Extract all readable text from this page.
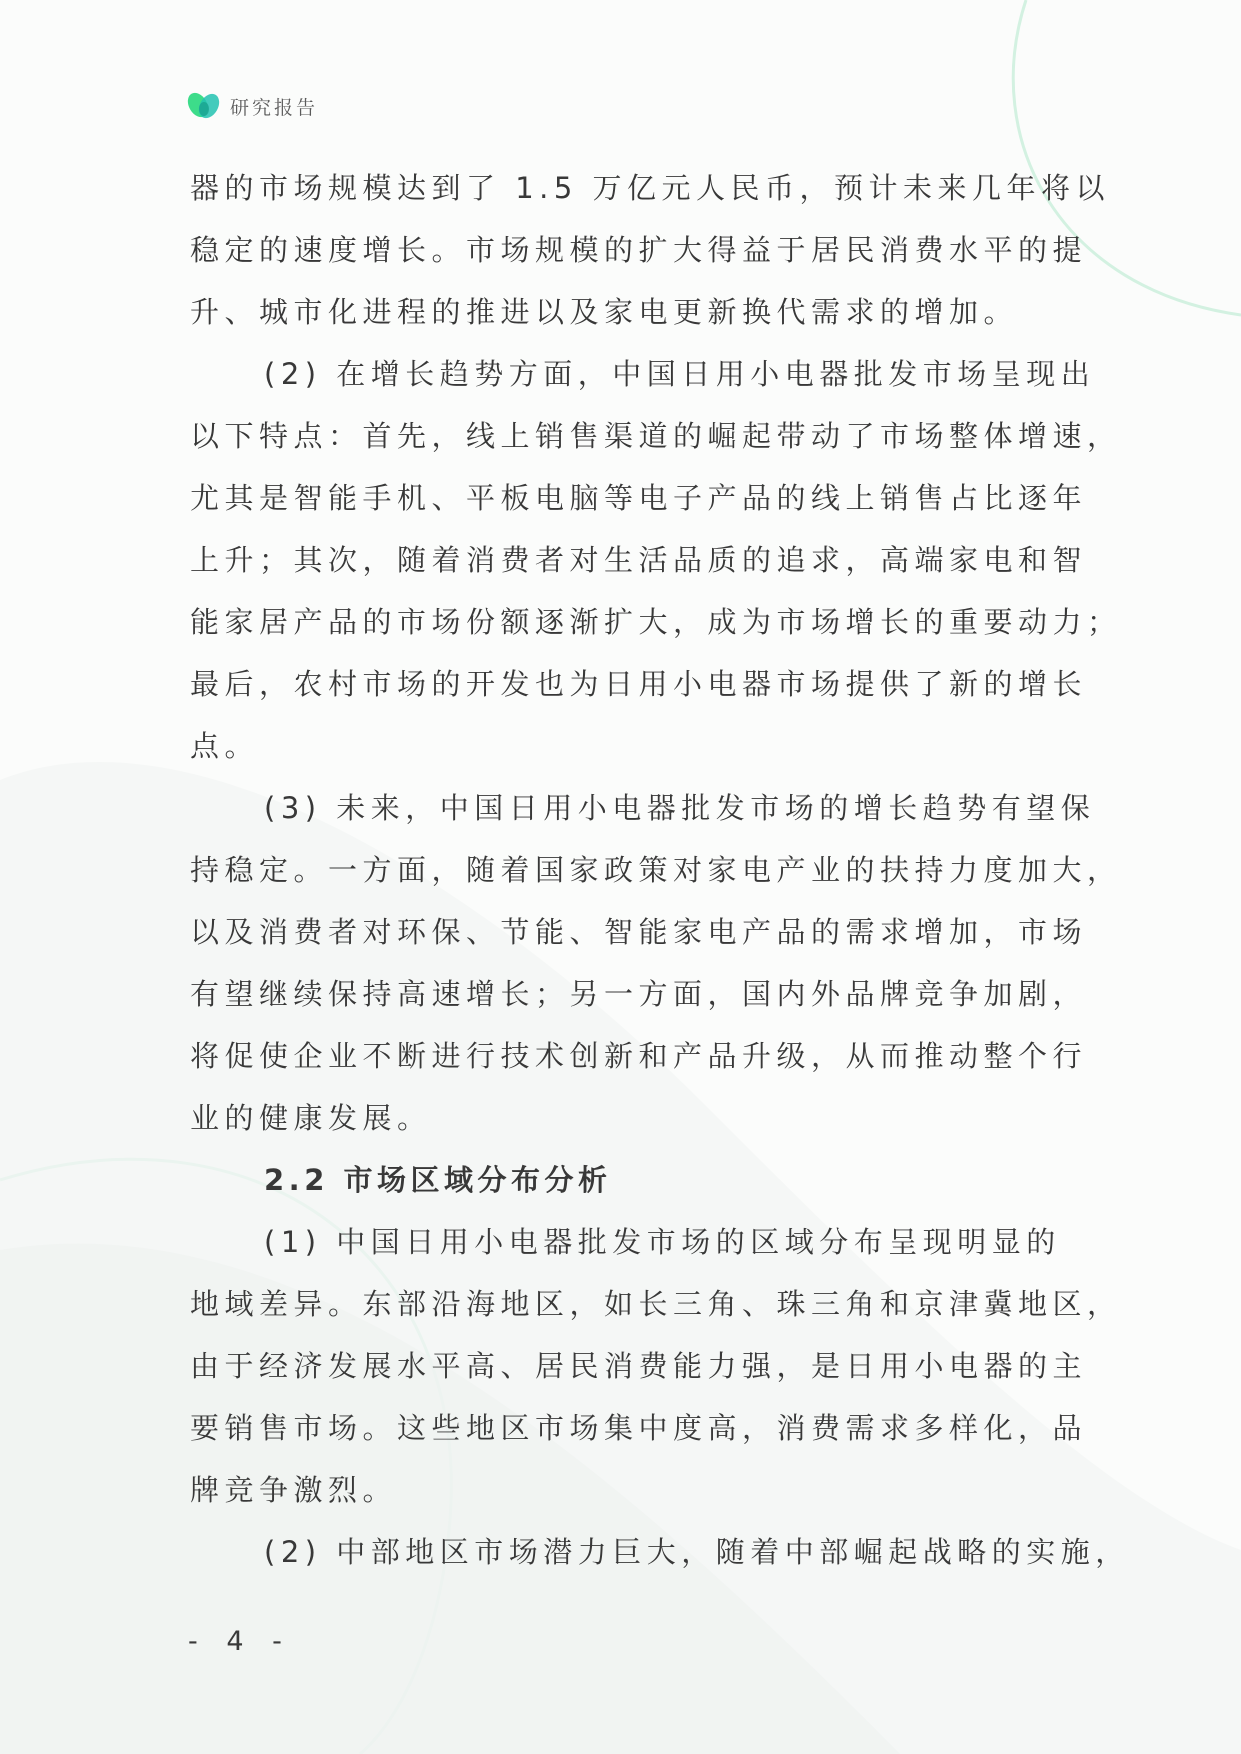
研究报告
器的市场规模达到了 1.5 万亿元人民币，预计未来几年将以
稳定的速度增长。市场规模的扩大得益于居民消费水平的提
升、城市化进程的推进以及家电更新换代需求的增加。
(2) 在增长趋势方面，中国日用小电器批发市场呈现出
以下特点：首先，线上销售渠道的崛起带动了市场整体增速，
尤其是智能手机、平板电脑等电子产品的线上销售占比逐年
上升；其次，随着消费者对生活品质的追求，高端家电和智
能家居产品的市场份额逐渐扩大，成为市场增长的重要动力；
最后，农村市场的开发也为日用小电器市场提供了新的增长
点。
(3) 未来，中国日用小电器批发市场的增长趋势有望保
持稳定。一方面，随着国家政策对家电产业的扶持力度加大，
以及消费者对环保、节能、智能家电产品的需求增加，市场
有望继续保持高速增长；另一方面，国内外品牌竞争加剧，
将促使企业不断进行技术创新和产品升级，从而推动整个行
业的健康发展。
2.2 市场区域分布分析
(1) 中国日用小电器批发市场的区域分布呈现明显的
地域差异。东部沿海地区，如长三角、珠三角和京津冀地区，
由于经济发展水平高、居民消费能力强，是日用小电器的主
要销售市场。这些地区市场集中度高，消费需求多样化，品
牌竞争激烈。
(2) 中部地区市场潜力巨大，随着中部崛起战略的实施，
- 4 -
